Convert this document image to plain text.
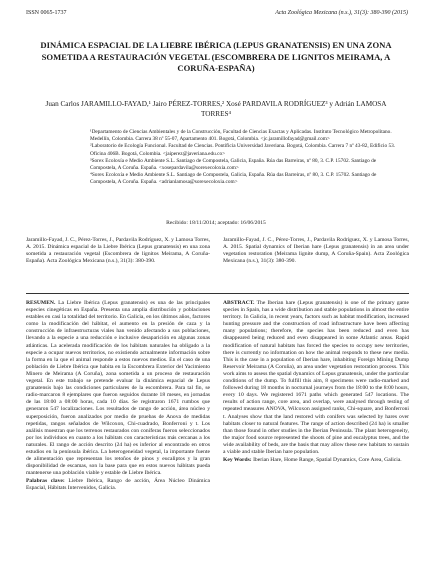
ISSN 0065-1737	Acta Zoológica Mexicana (n.s.), 31(3): 380-390 (2015)
DINÁMICA ESPACIAL DE LA LIEBRE IBÉRICA (LEPUS GRANATENSIS) EN UNA ZONA SOMETIDA A RESTAURACIÓN VEGETAL (ESCOMBRERA DE LIGNITOS MEIRAMA, A CORUÑA-ESPAÑA)
Juan Carlos JARAMILLO-FAYAD,¹ Jairo PÉREZ-TORRES,² Xosé PARDAVILA RODRÍGUEZ³ y Adrián LAMOSA TORRES⁴
¹Departamento de Ciencias Ambientales y de la Construcción, Facultad de Ciencias Exactas y Aplicadas. Instituto Tecnológico Metropolitano. Medellín, Colombia. Carrera 38 nº 55-07, Apartamento 401. Bogotá, Colombia. <jc.jaramillofayad@gmail.com>
²Laboratorio de Ecología Funcional. Facultad de Ciencias. Pontificia Universidad Javeriana. Bogotá, Colombia. Carrera 7 nº 43-82, Edificio 53. Oficina 406B. Bogotá, Colombia. <jaiperez@javeriana.edu.co>
³Sorex Ecoloxía e Medio Ambiente S.L. Santiago de Compostela, Galicia, España. Rúa das Barreiras, nº 80, 3. C.P. 15702. Santiago de Compostela, A Coruña. España. <xosepardavila@sorexecoloxia.com>
⁴Sorex Ecoloxía e Medio Ambiente S.L. Santiago de Compostela, Galicia, España. Rúa das Barreiras, nº 80, 3. C.P. 15702. Santiago de Compostela, A Coruña. España. <adrianlamosa@sorexecoloxia.com>
Recibido: 18/11/2014; aceptado: 16/06/2015
Jaramillo-Fayad, J. C., Pérez-Torres, J., Pardavila Rodríguez, X. y Lamosa Torres, A. 2015. Dinámica espacial de la Liebre Ibérica (Lepus granatensis) en una zona sometida a restauración vegetal (Escombrera de lignitos Meirama, A Coruña-España). Acta Zoológica Mexicana (n.s.), 31(3): 380-390.
Jaramillo-Fayad, J. C., Pérez-Torres, J., Pardavila Rodríguez, X. y Lamosa Torres, A. 2015. Spatial dynamics of Iberian hare (Lepus granatensis) in an area under vegetation restoration (Meirama lignite dump, A Coruña-Spain). Acta Zoológica Mexicana (n.s.), 31(3): 380-390.
RESUMEN. La Liebre Ibérica (Lepus granatensis) es una de las principales especies cinegéticas en España. Presenta una amplia distribución y poblaciones estables en casi la totalidad del territorio. En Galicia, en los últimos años, factores como la modificación del hábitat, el aumento en la presión de caza y la construcción de infraestructuras viales han venido afectando a sus poblaciones, llevando a la especie a una reducción e inclusive desaparición en algunas zonas atlánticas. La acelerada modificación de los hábitats naturales ha obligado a la especie a ocupar nuevos territorios, no existiendo actualmente información sobre la forma en la que el animal responde a estos nuevos medios. En el caso de una población de Liebre Ibérica que habita en la Escombrera Exterior del Yacimiento Minero de Meirama (A Coruña), zona sometida a un proceso de restauración vegetal. En este trabajo se pretende evaluar la dinámica espacial de Lepus granatensis bajo las condiciones particulares de la escombrera. Para tal fin, se radio-marcaron 8 ejemplares que fueron seguidos durante 18 meses, en jornadas de las 18:00 a 08:00 horas, cada 10 días. Se registraron 1671 rumbos que generaron 547 localizaciones. Los resultados de rango de acción, área núcleo y superposición, fueron analizados por medio de pruebas de Anova de medidas repetidas, rangos señalados de Wilcoxon, Chi-cuadrado, Bonferroni y t. Los análisis muestran que los terrenos restaurados con coníferas fueron seleccionados por los individuos en cuanto a los hábitats con características más cercanas a los naturales. El rango de acción descrito (24 ha) es inferior al encontrado en otros estudios en la península ibérica. La heterogeneidad vegetal, la importante fuente de alimentación que representan los retoños de pinos y eucaliptos y la gran disponibilidad de escamas, son la base para que en estos nuevos hábitats pueda mantenerse una población viable y estable de Liebre Ibérica.
Palabras clave: Liebre Ibérica, Rango de acción, Área Núcleo Dinámica Espacial, Hábitats Intervenidos, Galicia.
ABSTRACT. The Iberian hare (Lepus granatensis) is one of the primary game species in Spain, has a wide distribution and stable populations in almost the entire territory. In Galicia, in recent years, factors such as habitat modification, increased hunting pressure and the construction of road infrastructure have been affecting many populations; therefore, the species has been reduced and even has disappeared being reduced and even disappeared in some Atlantic areas. Rapid modification of natural habitats has forced the species to occupy new territories, there is currently no information on how the animal responds to these new media. This is the case in a population of Iberian hare, inhabiting Foreign Mining Dump Reservoir Meirama (A Coruña), an area under vegetation restoration process. This work aims to assess the spatial dynamics of Lepus granatensis, under the particular conditions of the dump. To fulfill this aim, 8 specimens were radio-marked and followed during 18 months in nocturnal journeys from the 18:00 to the 8:00 hours, every 10 days. We registered 1671 paths which generated 547 locations. The results of action range, core area, and overlap, were analysed through testing of repeated measures ANOVA, Wilcoxon assigned ranks, Chi-square, and Bonferroni t. Analyses show that the land restored with conifers was selected by hares over habitats closer to natural features. The range of action described (24 ha) is smaller than those found in other studies in the Iberian Peninsula. The plant heterogeneity, the major food source represented the shoots of pine and eucalyptus trees, and the wide availability of beds, are the basis that may allow these new habitats to sustain a viable and stable Iberian hare population.
Key Words: Iberian Hare, Home Range, Spatial Dynamics, Core Area, Galicia.
